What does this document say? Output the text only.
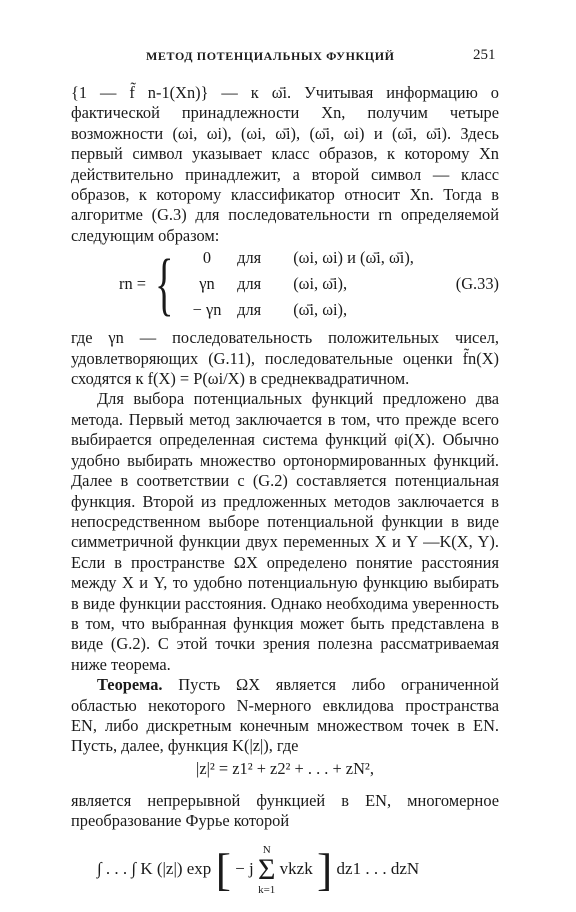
МЕТОД ПОТЕНЦИАЛЬНЫХ ФУНКЦИЙ	251

{1 — f̃ n-1(Xn)} — к ω̄i. Учитывая информацию о фактической принадлежности Xn, получим четыре возможности (ωi, ωi), (ωi, ω̄i), (ω̄i, ωi) и (ω̄i, ω̄i). Здесь первый символ указывает класс образов, к которому Xn действительно принадлежит, а второй символ — класс образов, к которому классификатор относит Xn. Тогда в алгоритме (G.3) для последовательности rn определяемой следующим образом:

rn = {	0 для (ωi, ωi) и (ω̄i, ω̄i),
γn для (ωi, ω̄i),
− γn для (ω̄i, ωi),
(G.33)

где γn — последовательность положительных чисел, удовлетворяющих (G.11), последовательные оценки f̃n(X) сходятся к f(X) = P(ωi/X) в среднеквадратичном.

Для выбора потенциальных функций предложено два метода. Первый метод заключается в том, что прежде всего выбирается определенная система функций φi(X). Обычно удобно выбирать множество ортонормированных функций. Далее в соответствии с (G.2) составляется потенциальная функция. Второй из предложенных методов заключается в непосредственном выборе потенциальной функции в виде симметричной функции двух переменных X и Y —K(X, Y). Если в пространстве ΩX определено понятие расстояния между X и Y, то удобно потенциальную функцию выбирать в виде функции расстояния. Однако необходима уверенность в том, что выбранная функция может быть представлена в виде (G.2). С этой точки зрения полезна рассматриваемая ниже теорема.

Теорема. Пусть ΩX является либо ограниченной областью некоторого N-мерного евклидова пространства EN, либо дискретным конечным множеством точек в EN. Пусть, далее, функция K(|z|), где

|z|² = z1² + z2² + . . . + zN²,

является непрерывной функцией в EN, многомерное преобразование Фурье которой

∫ . . . ∫ K (|z|) exp [ − j N
Σ
k=1 vkzk ] dz1 . . . dzN
